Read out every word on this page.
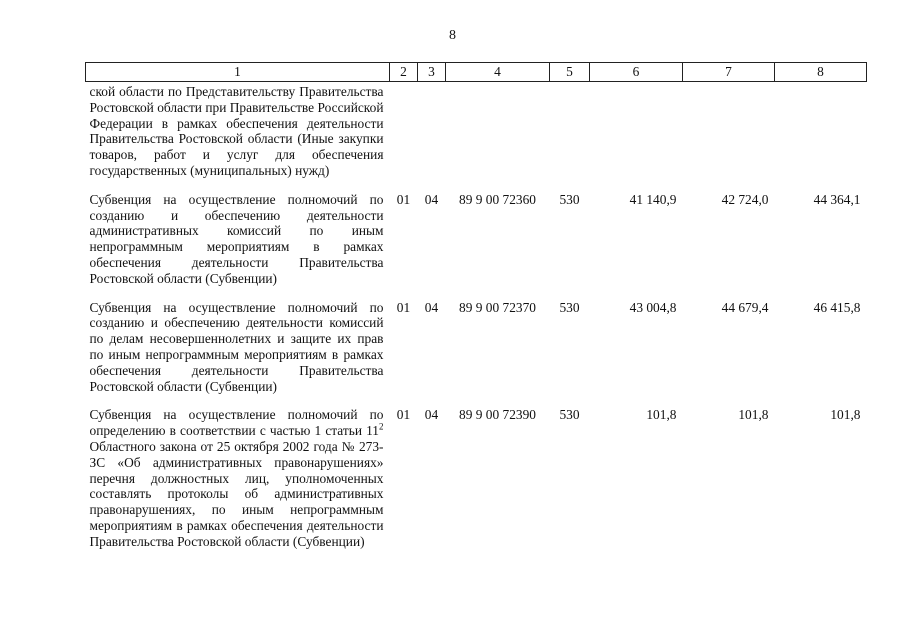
8
1	2	3	4	5	6	7	8
ской области по Представительству Правительства Ростовской области при Правительстве Российской Федерации в рамках обеспечения деятельности Правительства Ростовской области (Иные закупки товаров, работ и услуг для обеспечения государственных (муниципальных) нужд)							

Субвенция на осуществление полномочий по созданию и обеспечению деятельности административных комиссий по иным непрограммным мероприятиям в рамках обеспечения деятельности Правительства Ростовской области (Субвенции)	01	04	89 9 00 72360	530	41 140,9	42 724,0	44 364,1

Субвенция на осуществление полномочий по созданию и обеспечению деятельности комиссий по делам несовершеннолетних и защите их прав по иным непрограммным мероприятиям в рамках обеспечения деятельности Правительства Ростовской области (Субвенции)	01	04	89 9 00 72370	530	43 004,8	44 679,4	46 415,8

Субвенция на осуществление полномочий по определению в соответствии с частью 1 статьи $11^2$ Областного закона от 25 октября 2002 года № 273-ЗС «Об административных правонарушениях» перечня должностных лиц, уполномоченных составлять протоколы об административных правонарушениях, по иным непрограммным мероприятиям в рамках обеспечения деятельности Правительства Ростовской области (Субвенции)	01	04	89 9 00 72390	530	101,8	101,8	101,8
